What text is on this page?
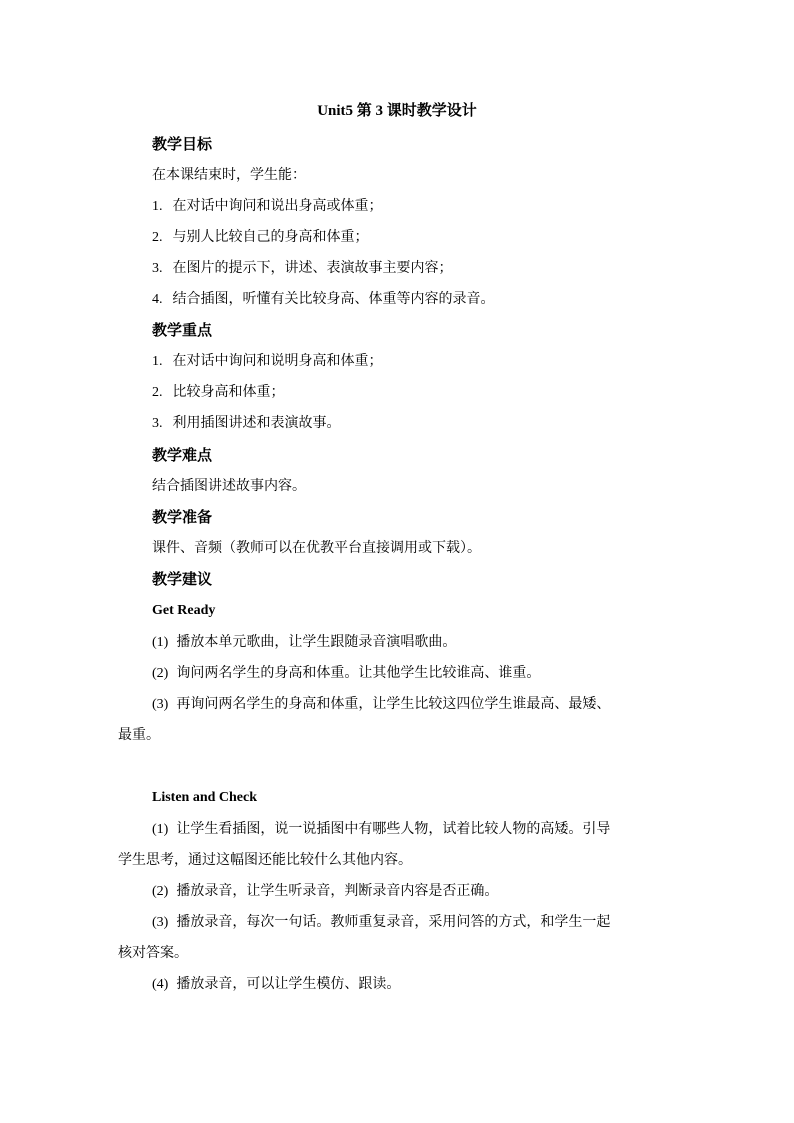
Unit5 第 3 课时教学设计
教学目标
在本课结束时，学生能：
1. 在对话中询问和说出身高或体重；
2. 与别人比较自己的身高和体重；
3. 在图片的提示下，讲述、表演故事主要内容；
4. 结合插图，听懂有关比较身高、体重等内容的录音。
教学重点
1. 在对话中询问和说明身高和体重；
2. 比较身高和体重；
3. 利用插图讲述和表演故事。
教学难点
结合插图讲述故事内容。
教学准备
课件、音频（教师可以在优教平台直接调用或下载）。
教学建议
Get Ready
(1) 播放本单元歌曲，让学生跟随录音演唱歌曲。
(2) 询问两名学生的身高和体重。让其他学生比较谁高、谁重。
(3) 再询问两名学生的身高和体重，让学生比较这四位学生谁最高、最矮、
最重。
Listen and Check
(1) 让学生看插图，说一说插图中有哪些人物，试着比较人物的高矮。引导
学生思考，通过这幅图还能比较什么其他内容。
(2) 播放录音，让学生听录音，判断录音内容是否正确。
(3) 播放录音，每次一句话。教师重复录音，采用问答的方式，和学生一起
核对答案。
(4) 播放录音，可以让学生模仿、跟读。
